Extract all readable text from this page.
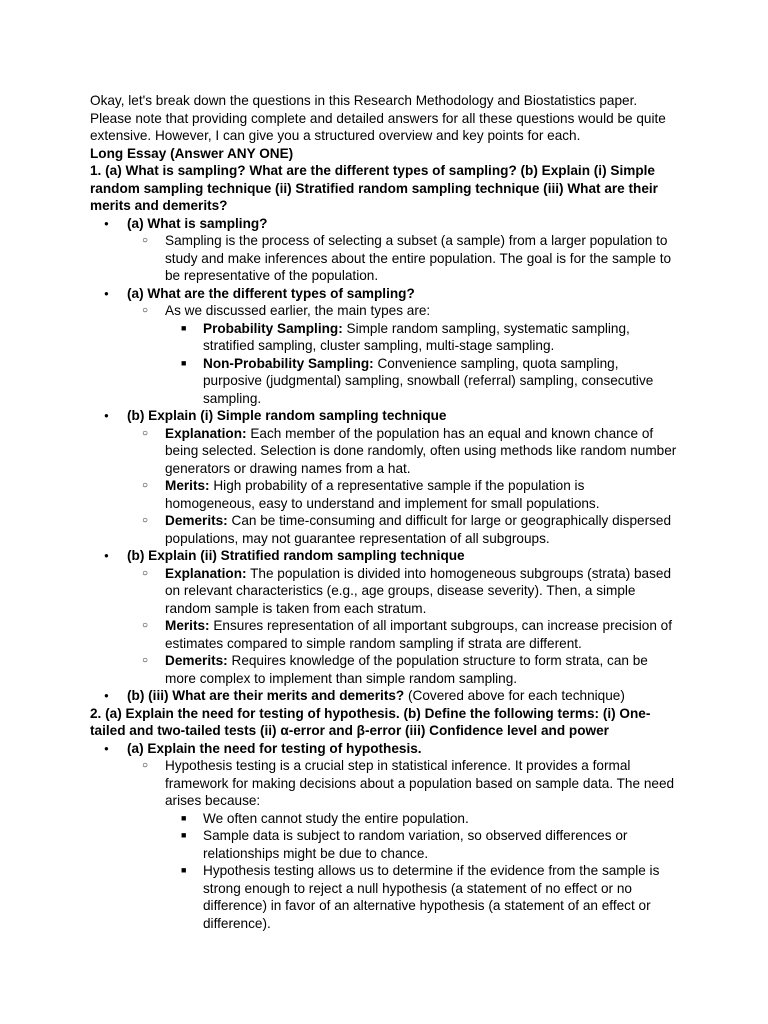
Okay, let's break down the questions in this Research Methodology and Biostatistics paper. Please note that providing complete and detailed answers for all these questions would be quite extensive. However, I can give you a structured overview and key points for each.

Long Essay (Answer ANY ONE)

1. (a) What is sampling? What are the different types of sampling? (b) Explain (i) Simple random sampling technique (ii) Stratified random sampling technique (iii) What are their merits and demerits?

● (a) What is sampling?

○ Sampling is the process of selecting a subset (a sample) from a larger population to study and make inferences about the entire population. The goal is for the sample to be representative of the population.

● (a) What are the different types of sampling?

○ As we discussed earlier, the main types are:

■ Probability Sampling: Simple random sampling, systematic sampling, stratified sampling, cluster sampling, multi-stage sampling.

■ Non-Probability Sampling: Convenience sampling, quota sampling, purposive (judgmental) sampling, snowball (referral) sampling, consecutive sampling.

● (b) Explain (i) Simple random sampling technique

○ Explanation: Each member of the population has an equal and known chance of being selected. Selection is done randomly, often using methods like random number generators or drawing names from a hat.

○ Merits: High probability of a representative sample if the population is homogeneous, easy to understand and implement for small populations.

○ Demerits: Can be time-consuming and difficult for large or geographically dispersed populations, may not guarantee representation of all subgroups.

● (b) Explain (ii) Stratified random sampling technique

○ Explanation: The population is divided into homogeneous subgroups (strata) based on relevant characteristics (e.g., age groups, disease severity). Then, a simple random sample is taken from each stratum.

○ Merits: Ensures representation of all important subgroups, can increase precision of estimates compared to simple random sampling if strata are different.

○ Demerits: Requires knowledge of the population structure to form strata, can be more complex to implement than simple random sampling.

● (b) (iii) What are their merits and demerits? (Covered above for each technique)

2. (a) Explain the need for testing of hypothesis. (b) Define the following terms: (i) One-tailed and two-tailed tests (ii) α-error and β-error (iii) Confidence level and power

● (a) Explain the need for testing of hypothesis.

○ Hypothesis testing is a crucial step in statistical inference. It provides a formal framework for making decisions about a population based on sample data. The need arises because:

■ We often cannot study the entire population.

■ Sample data is subject to random variation, so observed differences or relationships might be due to chance.

■ Hypothesis testing allows us to determine if the evidence from the sample is strong enough to reject a null hypothesis (a statement of no effect or no difference) in favor of an alternative hypothesis (a statement of an effect or difference).
